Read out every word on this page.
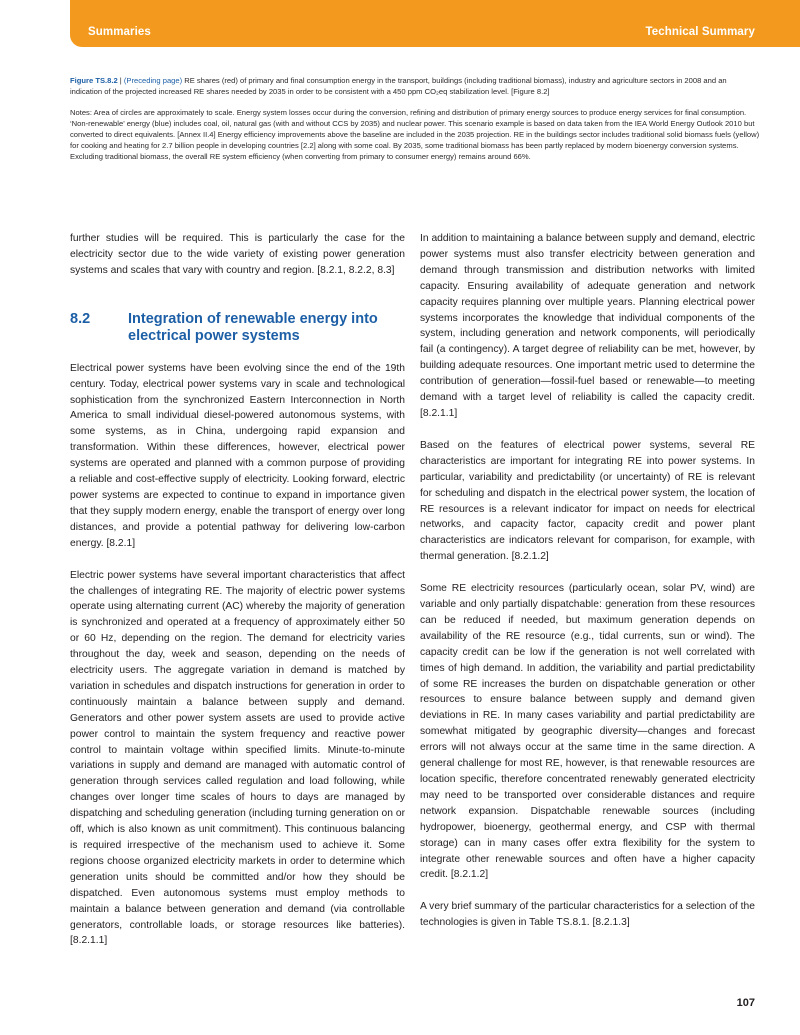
Summaries	Technical Summary

Figure TS.8.2 | (Preceding page) RE shares (red) of primary and final consumption energy in the transport, buildings (including traditional biomass), industry and agriculture sectors in 2008 and an indication of the projected increased RE shares needed by 2035 in order to be consistent with a 450 ppm CO₂eq stabilization level. [Figure 8.2]

Notes: Area of circles are approximately to scale. Energy system losses occur during the conversion, refining and distribution of primary energy sources to produce energy services for final consumption. ‘Non-renewable’ energy (blue) includes coal, oil, natural gas (with and without CCS by 2035) and nuclear power. This scenario example is based on data taken from the IEA World Energy Outlook 2010 but converted to direct equivalents. [Annex II.4] Energy efficiency improvements above the baseline are included in the 2035 projection. RE in the buildings sector includes traditional solid biomass fuels (yellow) for cooking and heating for 2.7 billion people in developing countries [2.2] along with some coal. By 2035, some traditional biomass has been partly replaced by modern bioenergy conversion systems. Excluding traditional biomass, the overall RE system efficiency (when converting from primary to consumer energy) remains around 66%.

further studies will be required. This is particularly the case for the electricity sector due to the wide variety of existing power generation systems and scales that vary with country and region. [8.2.1, 8.2.2, 8.3]

8.2	Integration of renewable energy into electrical power systems

Electrical power systems have been evolving since the end of the 19th century. Today, electrical power systems vary in scale and technological sophistication from the synchronized Eastern Interconnection in North America to small individual diesel-powered autonomous systems, with some systems, as in China, undergoing rapid expansion and transformation. Within these differences, however, electrical power systems are operated and planned with a common purpose of providing a reliable and cost-effective supply of electricity. Looking forward, electric power systems are expected to continue to expand in importance given that they supply modern energy, enable the transport of energy over long distances, and provide a potential pathway for delivering low-carbon energy. [8.2.1]

Electric power systems have several important characteristics that affect the challenges of integrating RE. The majority of electric power systems operate using alternating current (AC) whereby the majority of generation is synchronized and operated at a frequency of approximately either 50 or 60 Hz, depending on the region. The demand for electricity varies throughout the day, week and season, depending on the needs of electricity users. The aggregate variation in demand is matched by variation in schedules and dispatch instructions for generation in order to continuously maintain a balance between supply and demand. Generators and other power system assets are used to provide active power control to maintain the system frequency and reactive power control to maintain voltage within specified limits. Minute-to-minute variations in supply and demand are managed with automatic control of generation through services called regulation and load following, while changes over longer time scales of hours to days are managed by dispatching and scheduling generation (including turning generation on or off, which is also known as unit commitment). This continuous balancing is required irrespective of the mechanism used to achieve it. Some regions choose organized electricity markets in order to determine which generation units should be committed and/or how they should be dispatched. Even autonomous systems must employ methods to maintain a balance between generation and demand (via controllable generators, controllable loads, or storage resources like batteries). [8.2.1.1]

In addition to maintaining a balance between supply and demand, electric power systems must also transfer electricity between generation and demand through transmission and distribution networks with limited capacity. Ensuring availability of adequate generation and network capacity requires planning over multiple years. Planning electrical power systems incorporates the knowledge that individual components of the system, including generation and network components, will periodically fail (a contingency). A target degree of reliability can be met, however, by building adequate resources. One important metric used to determine the contribution of generation—fossil-fuel based or renewable—to meeting demand with a target level of reliability is called the capacity credit. [8.2.1.1]

Based on the features of electrical power systems, several RE characteristics are important for integrating RE into power systems. In particular, variability and predictability (or uncertainty) of RE is relevant for scheduling and dispatch in the electrical power system, the location of RE resources is a relevant indicator for impact on needs for electrical networks, and capacity factor, capacity credit and power plant characteristics are indicators relevant for comparison, for example, with thermal generation. [8.2.1.2]

Some RE electricity resources (particularly ocean, solar PV, wind) are variable and only partially dispatchable: generation from these resources can be reduced if needed, but maximum generation depends on availability of the RE resource (e.g., tidal currents, sun or wind). The capacity credit can be low if the generation is not well correlated with times of high demand. In addition, the variability and partial predictability of some RE increases the burden on dispatchable generation or other resources to ensure balance between supply and demand given deviations in RE. In many cases variability and partial predictability are somewhat mitigated by geographic diversity—changes and forecast errors will not always occur at the same time in the same direction. A general challenge for most RE, however, is that renewable resources are location specific, therefore concentrated renewably generated electricity may need to be transported over considerable distances and require network expansion. Dispatchable renewable sources (including hydropower, bioenergy, geothermal energy, and CSP with thermal storage) can in many cases offer extra flexibility for the system to integrate other renewable sources and often have a higher capacity credit. [8.2.1.2]

A very brief summary of the particular characteristics for a selection of the technologies is given in Table TS.8.1. [8.2.1.3]

107
